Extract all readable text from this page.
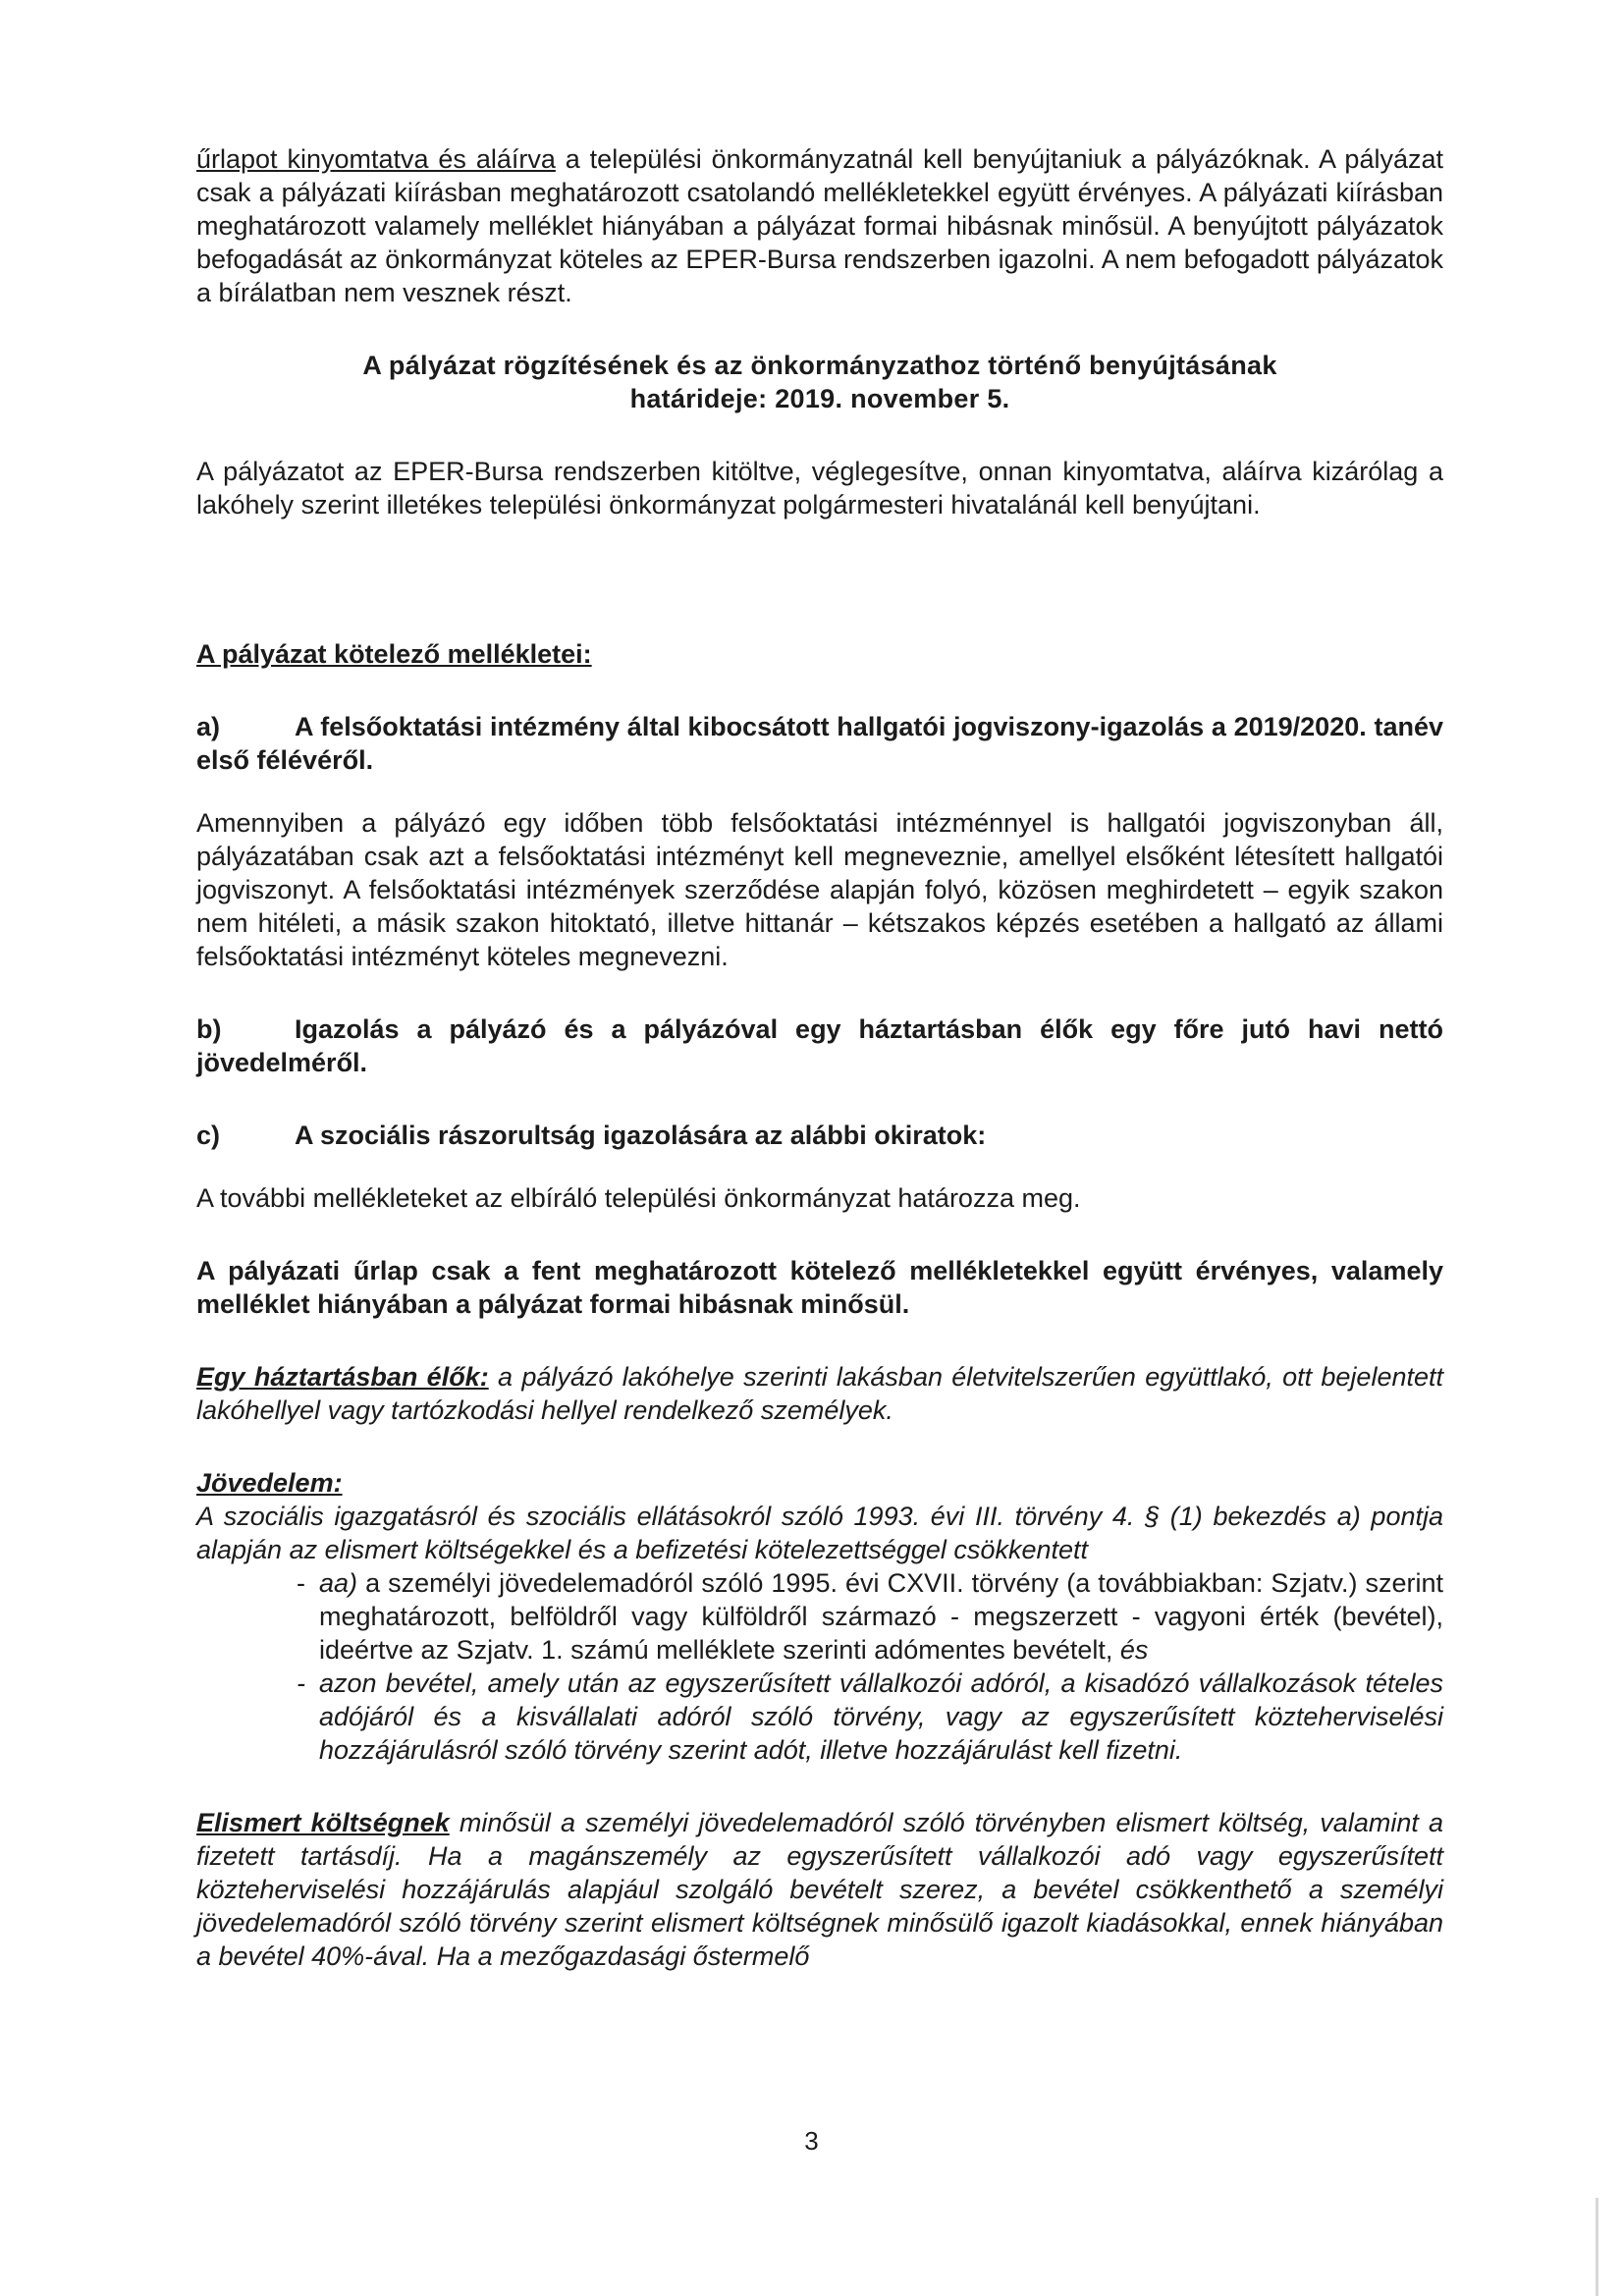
űrlapot kinyomtatva és aláírva a települési önkormányzatnál kell benyújtaniuk a pályázóknak. A pályázat csak a pályázati kiírásban meghatározott csatolandó mellékletekkel együtt érvényes. A pályázati kiírásban meghatározott valamely melléklet hiányában a pályázat formai hibásnak minősül. A benyújtott pályázatok befogadását az önkormányzat köteles az EPER-Bursa rendszerben igazolni. A nem befogadott pályázatok a bírálatban nem vesznek részt.

A pályázat rögzítésének és az önkormányzathoz történő benyújtásának
határideje: 2019. november 5.

A pályázatot az EPER-Bursa rendszerben kitöltve, véglegesítve, onnan kinyomtatva, aláírva kizárólag a lakóhely szerint illetékes települési önkormányzat polgármesteri hivatalánál kell benyújtani.

A pályázat kötelező mellékletei:

a)	A felsőoktatási intézmény által kibocsátott hallgatói jogviszony-igazolás a 2019/2020. tanév első félévéről.

Amennyiben a pályázó egy időben több felsőoktatási intézménnyel is hallgatói jogviszonyban áll, pályázatában csak azt a felsőoktatási intézményt kell megneveznie, amellyel elsőként létesített hallgatói jogviszonyt. A felsőoktatási intézmények szerződése alapján folyó, közösen meghirdetett – egyik szakon nem hitéleti, a másik szakon hitoktató, illetve hittanár – kétszakos képzés esetében a hallgató az állami felsőoktatási intézményt köteles megnevezni.

b)	Igazolás a pályázó és a pályázóval egy háztartásban élők egy főre jutó havi nettó jövedelméről.

c)	A szociális rászorultság igazolására az alábbi okiratok:

A további mellékleteket az elbíráló települési önkormányzat határozza meg.

A pályázati űrlap csak a fent meghatározott kötelező mellékletekkel együtt érvényes, valamely melléklet hiányában a pályázat formai hibásnak minősül.

Egy háztartásban élők: a pályázó lakóhelye szerinti lakásban életvitelszerűen együttlakó, ott bejelentett lakóhellyel vagy tartózkodási hellyel rendelkező személyek.

Jövedelem:

A szociális igazgatásról és szociális ellátásokról szóló 1993. évi III. törvény 4. § (1) bekezdés a) pontja alapján az elismert költségekkel és a befizetési kötelezettséggel csökkentett

- aa) a személyi jövedelemadóról szóló 1995. évi CXVII. törvény (a továbbiakban: Szjatv.) szerint meghatározott, belföldről vagy külföldről származó - megszerzett - vagyoni érték (bevétel), ideértve az Szjatv. 1. számú melléklete szerinti adómentes bevételt, és
- azon bevétel, amely után az egyszerűsített vállalkozói adóról, a kisadózó vállalkozások tételes adójáról és a kisvállalati adóról szóló törvény, vagy az egyszerűsített közteherviselési hozzájárulásról szóló törvény szerint adót, illetve hozzájárulást kell fizetni.

Elismert költségnek minősül a személyi jövedelemadóról szóló törvényben elismert költség, valamint a fizetett tartásdíj. Ha a magánszemély az egyszerűsített vállalkozói adó vagy egyszerűsített közteherviselési hozzájárulás alapjául szolgáló bevételt szerez, a bevétel csökkenthető a személyi jövedelemadóról szóló törvény szerint elismert költségnek minősülő igazolt kiadásokkal, ennek hiányában a bevétel 40%-ával. Ha a mezőgazdasági őstermelő

3
